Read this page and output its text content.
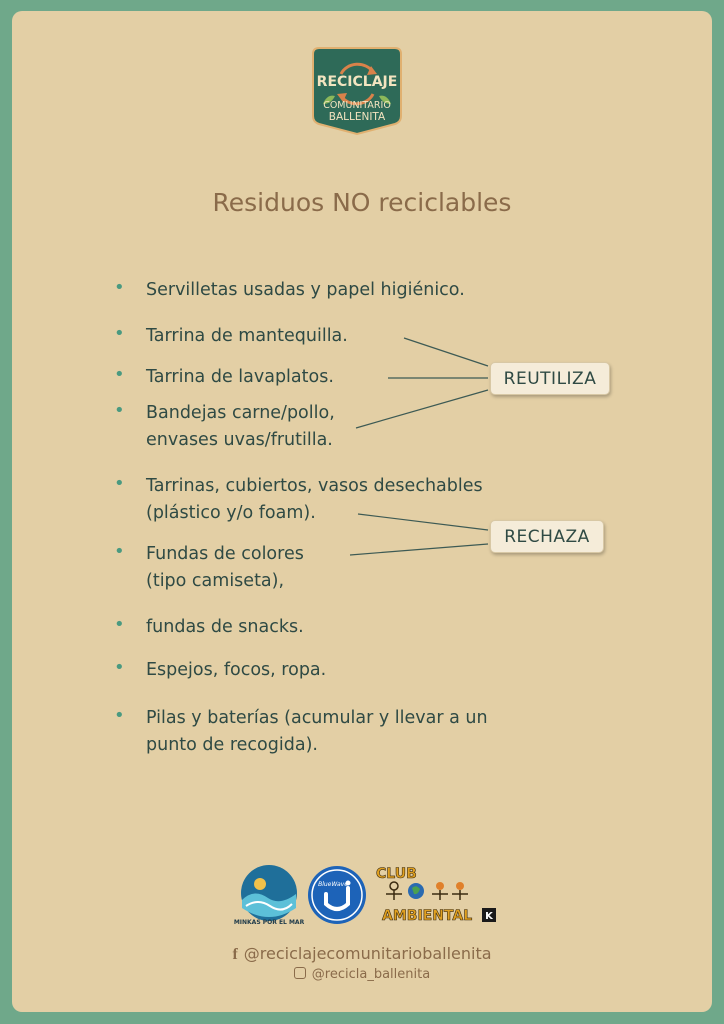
RECICLAJE
COMUNITARIO
BALLENITA
Residuos NO reciclables
• Servilletas usadas y papel higiénico.
• Tarrina de mantequilla.
• Tarrina de lavaplatos.
• Bandejas carne/pollo,
envases uvas/frutilla.
• Tarrinas, cubiertos, vasos desechables
(plástico y/o foam).
• Fundas de colores
(tipo camiseta),
• fundas de snacks.
• Espejos, focos, ropa.
• Pilas y baterías (acumular y llevar a un
punto de recogida).
REUTILIZA
RECHAZA
MINKAS POR EL MAR
BlueWave
CLUB
AMBIENTAL K
f @reciclajecomunitarioballenita
@recicla_ballenita
